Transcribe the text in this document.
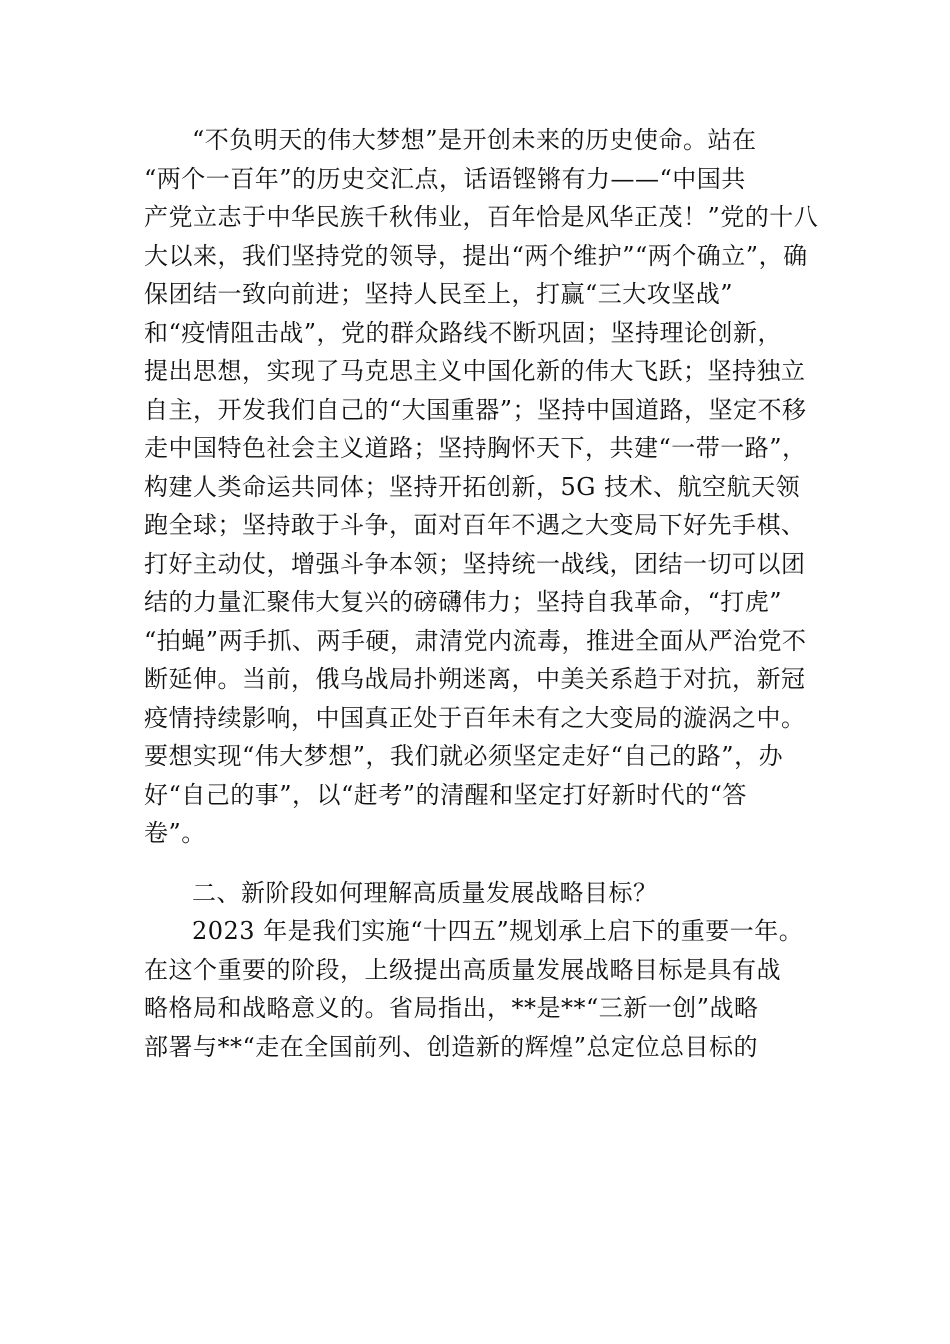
“不负明天的伟大梦想”是开创未来的历史使命。站在
“两个一百年”的历史交汇点，话语铿锵有力——“中国共
产党立志于中华民族千秋伟业，百年恰是风华正茂！”党的十八
大以来，我们坚持党的领导，提出“两个维护”“两个确立”，确
保团结一致向前进；坚持人民至上，打赢“三大攻坚战”
和“疫情阻击战”，党的群众路线不断巩固；坚持理论创新，
提出思想，实现了马克思主义中国化新的伟大飞跃；坚持独立
自主，开发我们自己的“大国重器”；坚持中国道路，坚定不移
走中国特色社会主义道路；坚持胸怀天下，共建“一带一路”，
构建人类命运共同体；坚持开拓创新，5G 技术、航空航天领
跑全球；坚持敢于斗争，面对百年不遇之大变局下好先手棋、
打好主动仗，增强斗争本领；坚持统一战线，团结一切可以团
结的力量汇聚伟大复兴的磅礴伟力；坚持自我革命，“打虎”
“拍蝇”两手抓、两手硬，肃清党内流毒，推进全面从严治党不
断延伸。当前，俄乌战局扑朔迷离，中美关系趋于对抗，新冠
疫情持续影响，中国真正处于百年未有之大变局的漩涡之中。
要想实现“伟大梦想”，我们就必须坚定走好“自己的路”，办
好“自己的事”，以“赶考”的清醒和坚定打好新时代的“答
卷”。
二、新阶段如何理解高质量发展战略目标？
2023 年是我们实施“十四五”规划承上启下的重要一年。
在这个重要的阶段，上级提出高质量发展战略目标是具有战
略格局和战略意义的。省局指出，**是**“三新一创”战略
部署与**“走在全国前列、创造新的辉煌”总定位总目标的
